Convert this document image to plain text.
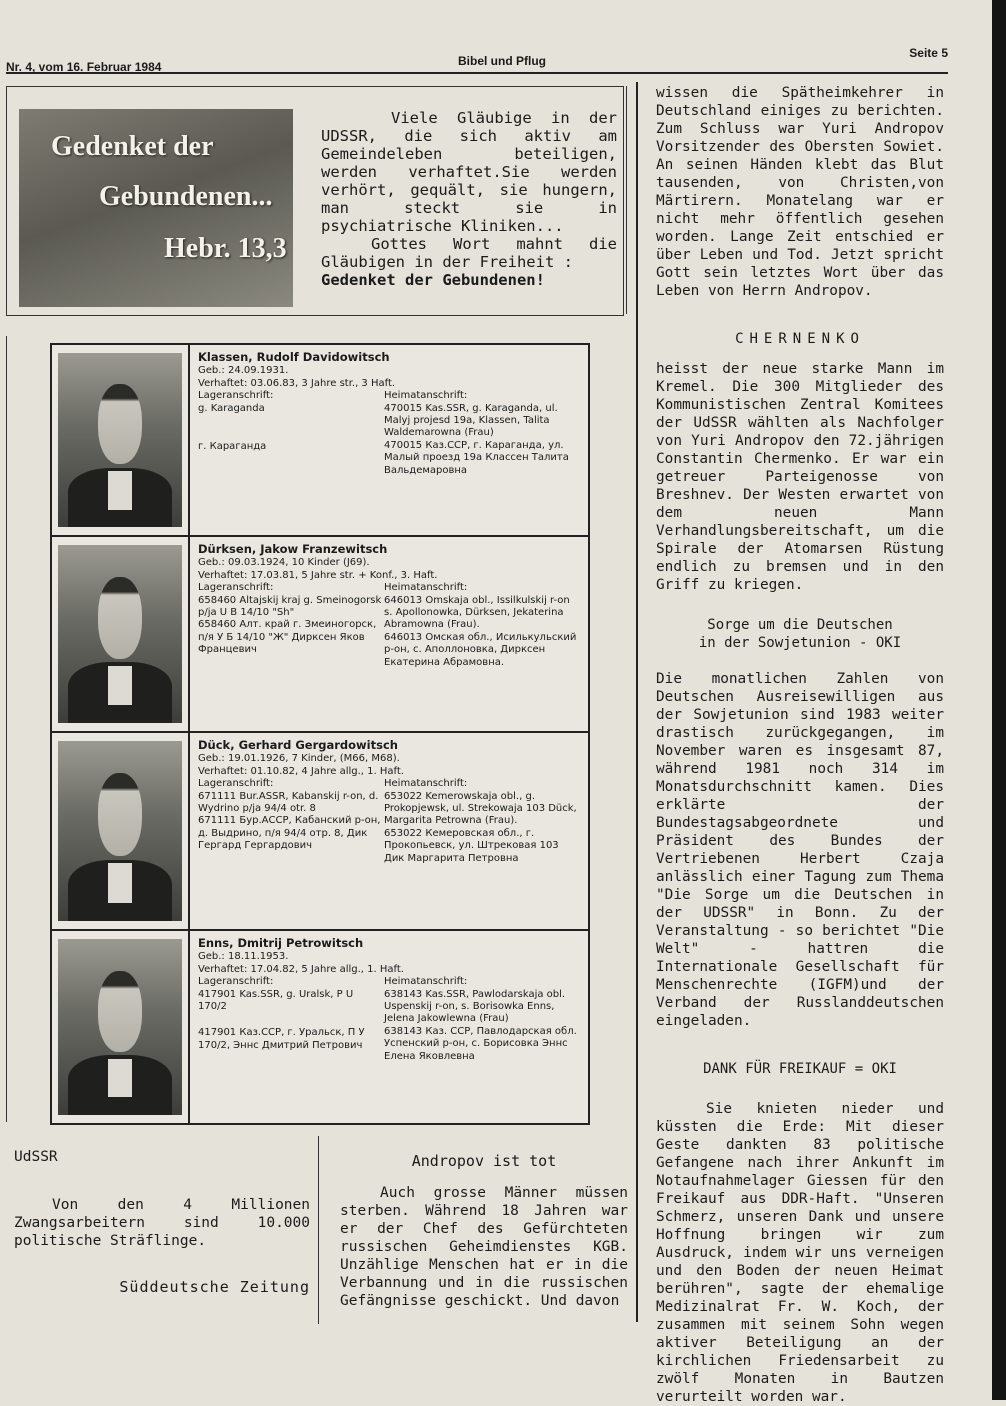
Nr. 4, vom 16. Februar 1984	Bibel und Pflug
Seite 5
Gedenket der
Gebundenen...
Hebr. 13,3

Viele Gläubige in der UDSSR, die sich aktiv am Gemeindeleben beteiligen, werden verhaftet.Sie werden verhört, gequält, sie hungern, man steckt sie in psychiatrische Kliniken...

Gottes Wort mahnt die Gläubigen in der Freiheit :

Gedenket der Gebundenen!

Klassen, Rudolf Davidowitsch
Geb.: 24.09.1931.
Verhaftet: 03.06.83, 3 Jahre str., 3 Haft.
Lageranschrift:
g. Karaganda
г. Караганда
Heimatanschrift:
470015 Kas.SSR, g. Karaganda, ul. Malyj projesd 19a, Klassen, Talita Waldemarowna (Frau)
470015 Каз.ССР, г. Караганда, ул. Малый проезд 19а Классен Талита Вальдемаровна
Dürksen, Jakow Franzewitsch
Geb.: 09.03.1924, 10 Kinder (J69).
Verhaftet: 17.03.81, 5 Jahre str. + Konf., 3. Haft.
Lageranschrift:
658460 Altajskij kraj g. Smeinogorsk p/ja U B 14/10 "Sh"
658460 Алт. край г. Змеиногорск, п/я У Б 14/10 "Ж" Дирксен Яков Францевич
Heimatanschrift:
646013 Omskaja obl., Issilkulskij r-on s. Apollonowka, Dürksen, Jekaterina Abramowna (Frau).
646013 Омская обл., Исилькульский р-он, с. Аполлоновка, Дирксен Екатерина Абрамовна.
Dück, Gerhard Gergardowitsch
Geb.: 19.01.1926, 7 Kinder, (M66, M68).
Verhaftet: 01.10.82, 4 Jahre allg., 1. Haft.
Lageranschrift:
671111 Bur.ASSR, Kabanskij r-on, d. Wydrino p/ja 94/4 otr. 8
671111 Бур.АССР, Кабанский р-он, д. Выдрино, п/я 94/4 отр. 8, Дик Гергард Гергардович
Heimatanschrift:
653022 Kemerowskaja obl., g. Prokopjewsk, ul. Strekowaja 103 Dück, Margarita Petrowna (Frau).
653022 Кемеровская обл., г. Прокопьевск, ул. Штрековая 103 Дик Маргарита Петровна
Enns, Dmitrij Petrowitsch
Geb.: 18.11.1953.
Verhaftet: 17.04.82, 5 Jahre allg., 1. Haft.
Lageranschrift:
417901 Kas.SSR, g. Uralsk, P U 170/2
417901 Каз.ССР, г. Уральск, П У 170/2, Эннс Дмитрий Петрович
Heimatanschrift:
638143 Kas.SSR, Pawlodarskaja obl. Uspenskij r-on, s. Borisowka Enns, Jelena Jakowlewna (Frau)
638143 Каз. ССР, Павлодарская обл. Успенский р-он, с. Борисовка Эннс Елена Яковлевна

wissen die Spätheimkehrer in Deutschland einiges zu berichten. Zum Schluss war Yuri Andropov Vorsitzender des Obersten Sowiet. An seinen Händen klebt das Blut tausenden, von Christen,von Märtirern. Monatelang war er nicht mehr öffentlich gesehen worden. Lange Zeit entschied er über Leben und Tod. Jetzt spricht Gott sein letztes Wort über das Leben von Herrn Andropov.

CHERNENKO

heisst der neue starke Mann im Kremel. Die 300 Mitglieder des Kommunistischen Zentral Komitees der UdSSR wählten als Nachfolger von Yuri Andropov den 72.jährigen Constantin Chermenko. Er war ein getreuer Parteigenosse von Breshnev. Der Westen erwartet von dem neuen Mann Verhandlungsbereitschaft, um die Spirale der Atomarsen Rüstung endlich zu bremsen und in den Griff zu kriegen.

Sorge um die Deutschen
in der Sowjetunion - OKI

Die monatlichen Zahlen von Deutschen Ausreisewilligen aus der Sowjetunion sind 1983 weiter drastisch zurückgegangen, im November waren es insgesamt 87, während 1981 noch 314 im Monatsdurchschnitt kamen. Dies erklärte der Bundestagsabgeordnete und Präsident des Bundes der Vertriebenen Herbert Czaja anlässlich einer Tagung zum Thema "Die Sorge um die Deutschen in der UDSSR" in Bonn. Zu der Veranstaltung - so berichtet "Die Welt" - hattren die Internationale Gesellschaft für Menschenrechte (IGFM)und der Verband der Russlanddeutschen eingeladen.

DANK FÜR FREIKAUF = OKI

Sie knieten nieder und küssten die Erde: Mit dieser Geste dankten 83 politische Gefangene nach ihrer Ankunft im Notaufnahmelager Giessen für den Freikauf aus DDR-Haft. "Unseren Schmerz, unseren Dank und unsere Hoffnung bringen wir zum Ausdruck, indem wir uns verneigen und den Boden der neuen Heimat berühren", sagte der ehemalige Medizinalrat Fr. W. Koch, der zusammen mit seinem Sohn wegen aktiver Beteiligung an der kirchlichen Friedensarbeit zu zwölf Monaten in Bautzen verurteilt worden war.

UdSSR

Von den 4 Millionen Zwangsarbeitern sind 10.000 politische Sträflinge.

Süddeutsche Zeitung

Andropov ist tot

Auch grosse Männer müssen sterben. Während 18 Jahren war er der Chef des Gefürchteten russischen Geheimdienstes KGB. Unzählige Menschen hat er in die Verbannung und in die russischen Gefängnisse geschickt. Und davon
